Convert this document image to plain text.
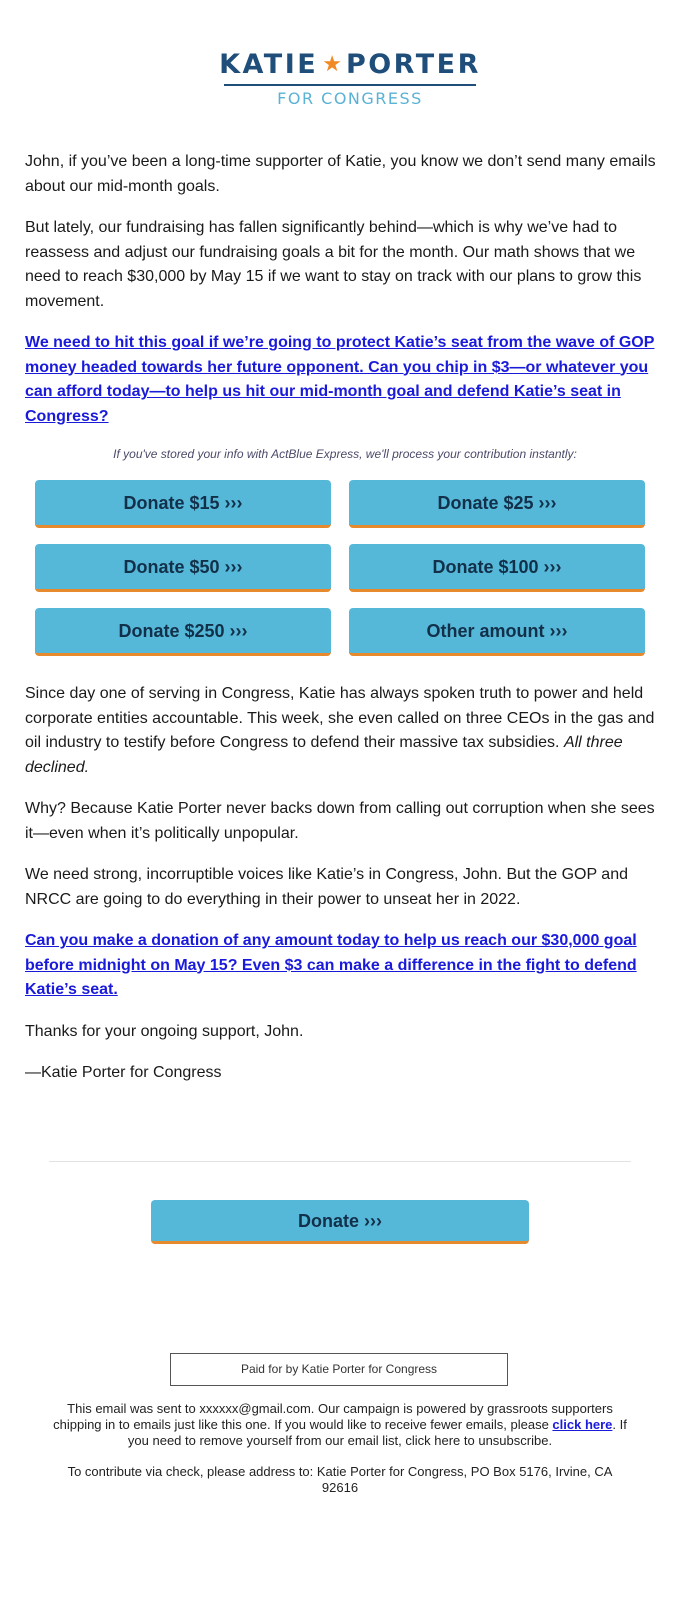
KATIE ★ PORTER
FOR CONGRESS

John, if you’ve been a long-time supporter of Katie, you know we don’t send many emails about our mid-month goals.

But lately, our fundraising has fallen significantly behind—which is why we’ve had to reassess and adjust our fundraising goals a bit for the month. Our math shows that we need to reach $30,000 by May 15 if we want to stay on track with our plans to grow this movement.

We need to hit this goal if we’re going to protect Katie’s seat from the wave of GOP money headed towards her future opponent. Can you chip in $3—or whatever you can afford today—to help us hit our mid-month goal and defend Katie’s seat in Congress?

If you've stored your info with ActBlue Express, we'll process your contribution instantly:

Donate $15 ›››	Donate $25 ›››
Donate $50 ›››	Donate $100 ›››
Donate $250 ›››	Other amount ›››

Since day one of serving in Congress, Katie has always spoken truth to power and held corporate entities accountable. This week, she even called on three CEOs in the gas and oil industry to testify before Congress to defend their massive tax subsidies. All three declined.

Why? Because Katie Porter never backs down from calling out corruption when she sees it—even when it’s politically unpopular.

We need strong, incorruptible voices like Katie’s in Congress, John. But the GOP and NRCC are going to do everything in their power to unseat her in 2022.

Can you make a donation of any amount today to help us reach our $30,000 goal before midnight on May 15? Even $3 can make a difference in the fight to defend Katie’s seat.

Thanks for your ongoing support, John.

—Katie Porter for Congress

Donate ›››
Paid for by Katie Porter for Congress

This email was sent to xxxxxx@gmail.com. Our campaign is powered by grassroots supporters chipping in to emails just like this one. If you would like to receive fewer emails, please click here. If you need to remove yourself from our email list, click here to unsubscribe.

To contribute via check, please address to: Katie Porter for Congress, PO Box 5176, Irvine, CA 92616
